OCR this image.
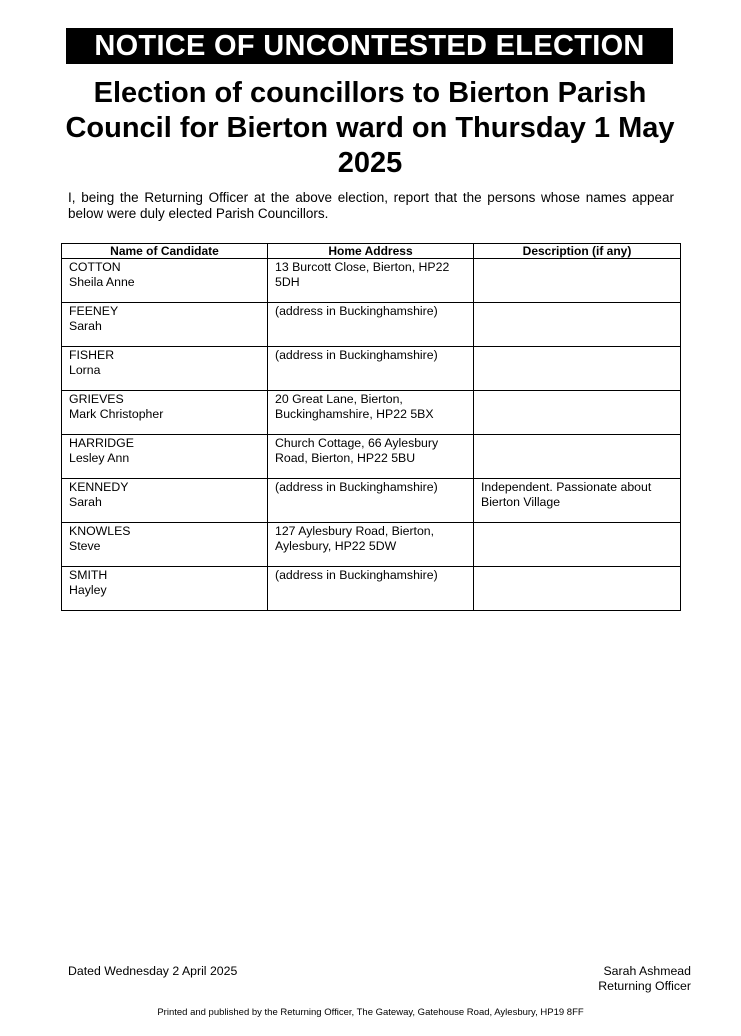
NOTICE OF UNCONTESTED ELECTION
Election of councillors to Bierton Parish Council for Bierton ward on Thursday 1 May 2025
I, being the Returning Officer at the above election, report that the persons whose names appear below were duly elected Parish Councillors.
Name of Candidate	Home Address	Description (if any)

COTTON
Sheila Anne	13 Burcott Close, Bierton, HP22 5DH	

FEENEY
Sarah	(address in Buckinghamshire)	

FISHER
Lorna	(address in Buckinghamshire)	

GRIEVES
Mark Christopher	20 Great Lane, Bierton, Buckinghamshire, HP22 5BX	

HARRIDGE
Lesley Ann	Church Cottage, 66 Aylesbury Road, Bierton, HP22 5BU	

KENNEDY
Sarah	(address in Buckinghamshire)	Independent. Passionate about Bierton Village

KNOWLES
Steve	127 Aylesbury Road, Bierton, Aylesbury, HP22 5DW	

SMITH
Hayley	(address in Buckinghamshire)	
Dated Wednesday 2 April 2025	Sarah Ashmead
Returning Officer
Printed and published by the Returning Officer, The Gateway, Gatehouse Road, Aylesbury, HP19 8FF
